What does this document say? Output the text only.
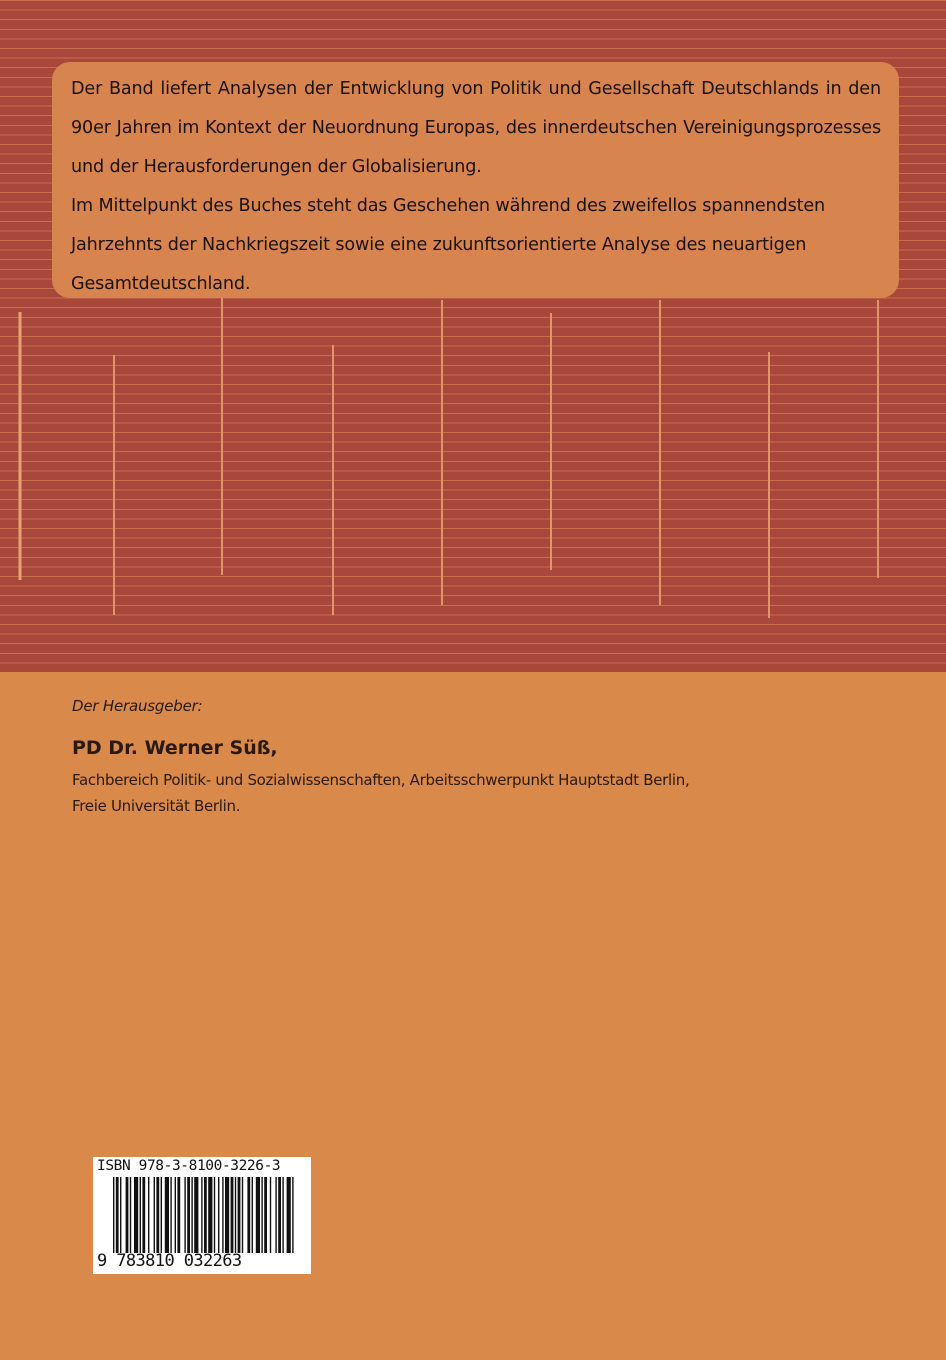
Der Band liefert Analysen der Entwicklung von Politik und Gesellschaft Deutschlands in den 90er Jahren im Kontext der Neuordnung Europas, des innerdeutschen Vereinigungsprozesses und der Herausforderungen der Globalisierung.

Im Mittelpunkt des Buches steht das Geschehen während des zweifellos spannendsten Jahrzehnts der Nachkriegszeit sowie eine zukunftsorientierte Analyse des neuartigen Gesamtdeutschland.

Der Herausgeber:

PD Dr. Werner Süß,

Fachbereich Politik- und Sozialwissenschaften, Arbeitsschwerpunkt Hauptstadt Berlin,

Freie Universität Berlin.

ISBN 978-3-8100-3226-3
9 783810 032263
